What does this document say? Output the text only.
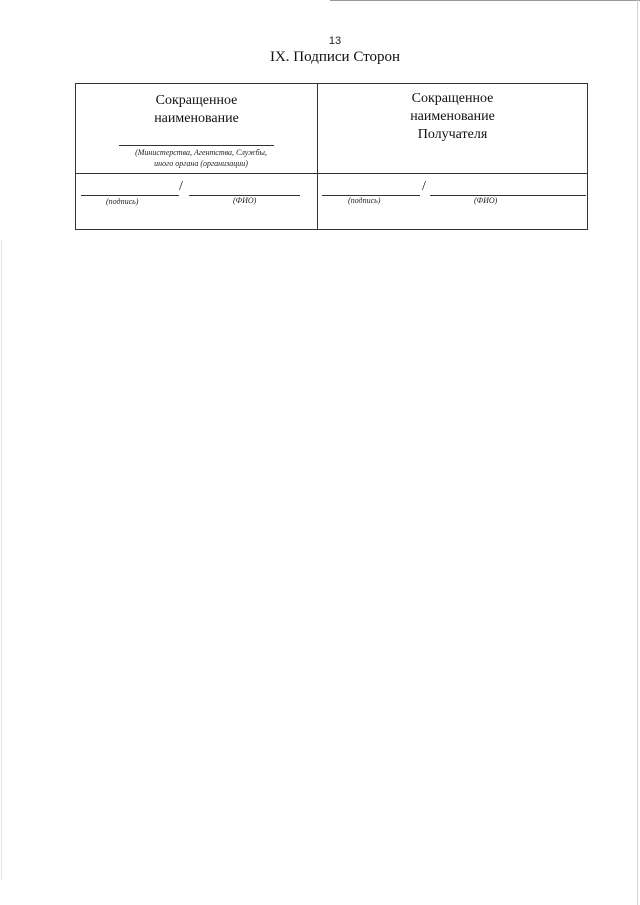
13
IX. Подписи Сторон
Сокращенное
наименование
(Министерства, Агентства, Службы,
иного органа (организации)
Сокращенное
наименование
Получателя
/
(подпись)	(ФИО)
/
(подпись)	(ФИО)
